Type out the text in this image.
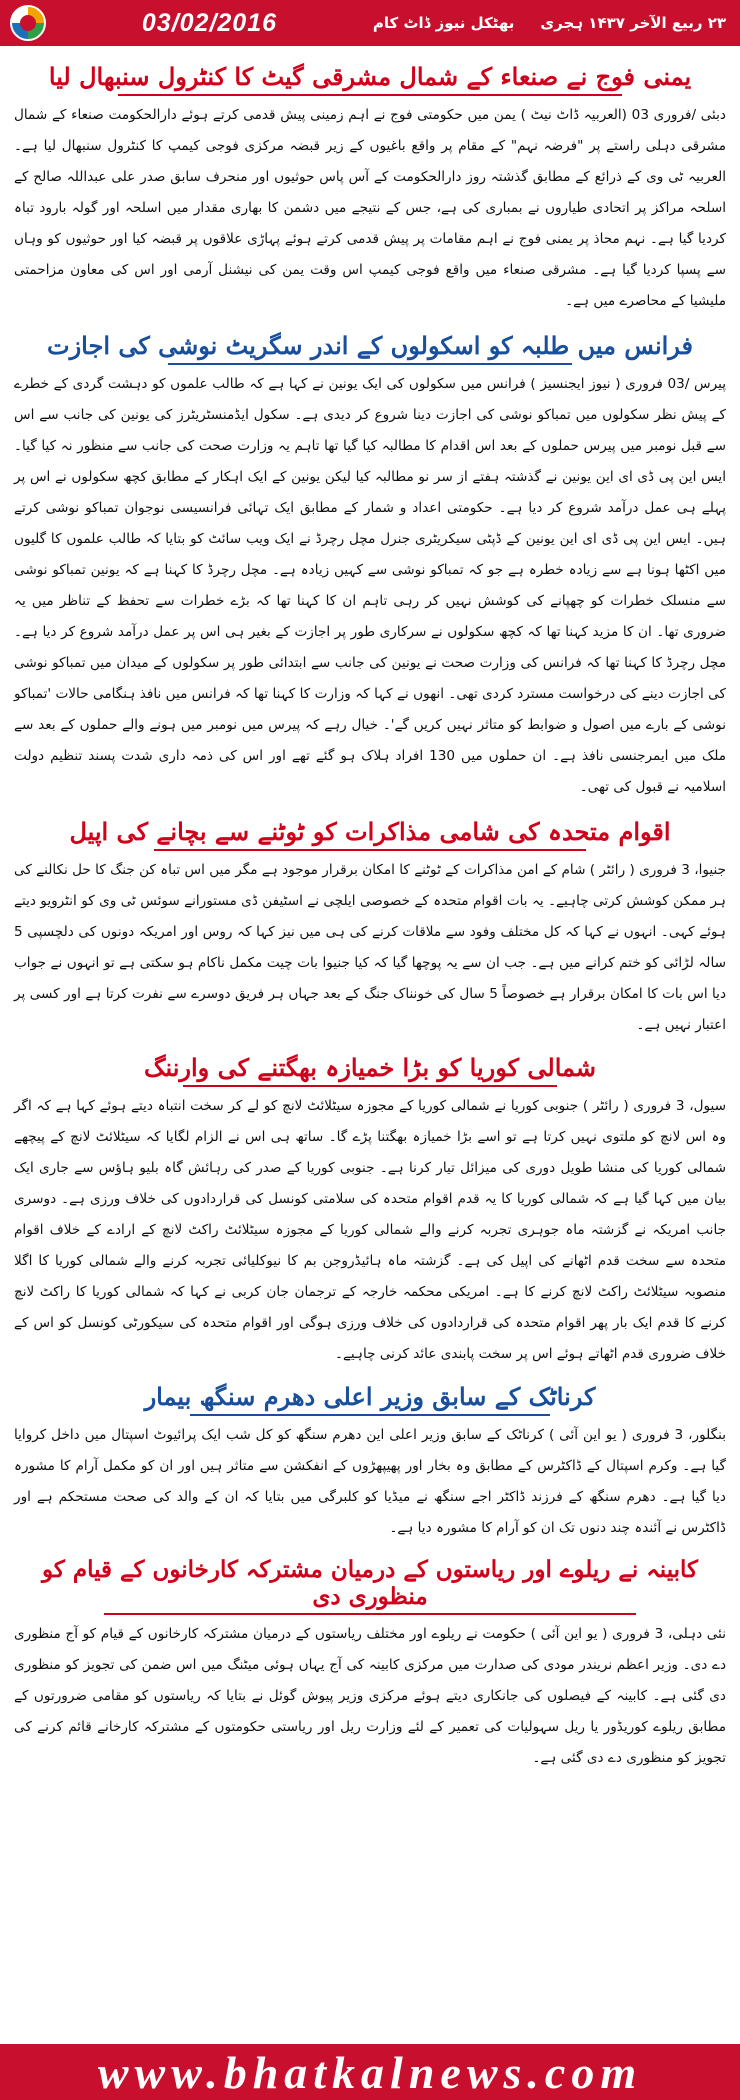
03/02/2016	۲۳ ربیع الآخر ۱۴۳۷ ہجری
بھٹکل نیوز ڈاٹ کام
یمنی فوج نے صنعاء کے شمال مشرقی گیٹ کا کنٹرول سنبھال لیا

دبئی /فروری 03 (العربیہ ڈاٹ نیٹ ) یمن میں حکومتی فوج نے اہم زمینی پیش قدمی کرتے ہوئے دارالحکومت صنعاء کے شمال مشرقی دہلی راستے پر "فرضہ نہم" کے مقام پر واقع باغیوں کے زیر قبضہ مرکزی فوجی کیمپ کا کنٹرول سنبھال لیا ہے۔العربیہ ٹی وی کے ذرائع کے مطابق گذشتہ روز دارالحکومت کے آس پاس حوثیوں اور منحرف سابق صدر علی عبداللہ صالح کے اسلحہ مراکز پر اتحادی طیاروں نے بمباری کی ہے، جس کے نتیجے میں دشمن کا بھاری مقدار میں اسلحہ اور گولہ بارود تباہ کردیا گیا ہے۔ نہم محاذ پر یمنی فوج نے اہم مقامات پر پیش قدمی کرتے ہوئے پہاڑی علاقوں پر قبضہ کیا اور حوثیوں کو وہاں سے پسپا کردیا گیا ہے۔ مشرقی صنعاء میں واقع فوجی کیمپ اس وقت یمن کی نیشنل آرمی اور اس کی معاون مزاحمتی ملیشیا کے محاصرے میں ہے۔

فرانس میں طلبہ کو اسکولوں کے اندر سگریٹ نوشی کی اجازت

پیرس /03 فروری ( نیوز ایجنسیز ) فرانس میں سکولوں کی ایک یونین نے کہا ہے کہ طالب علموں کو دہشت گردی کے خطرے کے پیش نظر سکولوں میں تمباکو نوشی کی اجازت دینا شروع کر دیدی ہے۔ سکول ایڈمنسٹریٹرز کی یونین کی جانب سے اس سے قبل نومبر میں پیرس حملوں کے بعد اس اقدام کا مطالبہ کیا گیا تھا تاہم یہ وزارت صحت کی جانب سے منظور نہ کیا گیا۔ ایس این پی ڈی ای این یونین نے گذشتہ ہفتے از سر نو مطالبہ کیا لیکن یونین کے ایک اہکار کے مطابق کچھ سکولوں نے اس پر پہلے ہی عمل درآمد شروع کر دیا ہے۔ حکومتی اعداد و شمار کے مطابق ایک تہائی فرانسیسی نوجوان تمباکو نوشی کرتے ہیں۔ ایس این پی ڈی ای این یونین کے ڈپٹی سیکریٹری جنرل مچل رچرڈ نے ایک ویب سائٹ کو بتایا کہ طالب علموں کا گلیوں میں اکٹھا ہونا ہے سے زیادہ خطرہ ہے جو کہ تمباکو نوشی سے کہیں زیادہ ہے۔ مچل رچرڈ کا کہنا ہے کہ یونین تمباکو نوشی سے منسلک خطرات کو چھپانے کی کوشش نہیں کر رہی تاہم ان کا کہنا تھا کہ بڑے خطرات سے تحفظ کے تناظر میں یہ ضروری تھا۔ ان کا مزید کہنا تھا کہ کچھ سکولوں نے سرکاری طور پر اجازت کے بغیر ہی اس پر عمل درآمد شروع کر دیا ہے۔ مچل رچرڈ کا کہنا تھا کہ فرانس کی وزارت صحت نے یونین کی جانب سے ابتدائی طور پر سکولوں کے میدان میں تمباکو نوشی کی اجازت دینے کی درخواست مسترد کردی تھی۔ انھوں نے کہا کہ وزارت کا کہنا تھا کہ فرانس میں نافذ ہنگامی حالات 'تمباکو نوشی کے بارے میں اصول و ضوابط کو متاثر نہیں کریں گے'۔ خیال رہے کہ پیرس میں نومبر میں ہونے والے حملوں کے بعد سے ملک میں ایمرجنسی نافذ ہے۔ ان حملوں میں 130 افراد ہلاک ہو گئے تھے اور اس کی ذمہ داری شدت پسند تنظیم دولت اسلامیہ نے قبول کی تھی۔

اقوام متحدہ کی شامی مذاکرات کو ٹوٹنے سے بچانے کی اپیل

جنیوا، 3 فروری ( رائٹر ) شام کے امن مذاکرات کے ٹوٹنے کا امکان برقرار موجود ہے مگر میں اس تباہ کن جنگ کا حل نکالنے کی ہر ممکن کوشش کرتی چاہیے۔ یہ بات اقوام متحدہ کے خصوصی ایلچی نے اسٹیفن ڈی مستورانے سوئس ٹی وی کو انٹرویو دیتے ہوئے کہی۔ انہوں نے کہا کہ کل مختلف وفود سے ملاقات کرنے کی ہی میں نیز کہا کہ روس اور امریکہ دونوں کی دلچسپی 5 سالہ لڑائی کو ختم کرانے میں ہے۔ جب ان سے یہ پوچھا گیا کہ کیا جنیوا بات چیت مکمل ناکام ہو سکتی ہے تو انہوں نے جواب دیا اس بات کا امکان برقرار ہے خصوصاً 5 سال کی خونناک جنگ کے بعد جہاں ہر فریق دوسرے سے نفرت کرتا ہے اور کسی پر اعتبار نہیں ہے۔

شمالی کوریا کو بڑا خمیازہ بھگتنے کی وارننگ

سیول، 3 فروری ( رائٹر ) جنوبی کوریا نے شمالی کوریا کے مجوزہ سیٹلائٹ لانچ کو لے کر سخت انتباہ دیتے ہوئے کہا ہے کہ اگر وہ اس لانچ کو ملتوی نہیں کرتا ہے تو اسے بڑا خمیازہ بھگتنا پڑے گا۔ ساتھ ہی اس نے الزام لگایا کہ سیٹلائٹ لانچ کے پیچھے شمالی کوریا کی منشا طویل دوری کی میزائل تیار کرنا ہے۔ جنوبی کوریا کے صدر کی رہائش گاہ بلیو ہاؤس سے جاری ایک بیان میں کہا گیا ہے کہ شمالی کوریا کا یہ قدم اقوام متحدہ کی سلامتی کونسل کی قراردادوں کی خلاف ورزی ہے۔ دوسری جانب امریکہ نے گزشتہ ماہ جوہری تجربہ کرنے والے شمالی کوریا کے مجوزہ سیٹلائٹ راکٹ لانچ کے ارادے کے خلاف اقوام متحدہ سے سخت قدم اٹھانے کی اپیل کی ہے۔ گزشتہ ماہ ہائیڈروجن بم کا نیوکلیائی تجربہ کرنے والے شمالی کوریا کا اگلا منصوبہ سیٹلائٹ راکٹ لانچ کرنے کا ہے۔ امریکی محکمہ خارجہ کے ترجمان جان کربی نے کہا کہ شمالی کوریا کا راکٹ لانچ کرنے کا قدم ایک بار پھر اقوام متحدہ کی قراردادوں کی خلاف ورزی ہوگی اور اقوام متحدہ کی سیکورٹی کونسل کو اس کے خلاف ضروری قدم اٹھاتے ہوئے اس پر سخت پابندی عائد کرنی چاہیے۔

کرناٹک کے سابق وزیر اعلی دھرم سنگھ بیمار

بنگلور، 3 فروری ( یو این آئی ) کرناٹک کے سابق وزیر اعلی این دھرم سنگھ کو کل شب ایک پرائیوٹ اسپتال میں داخل کروایا گیا ہے۔ وکرم اسپتال کے ڈاکٹرس کے مطابق وہ بخار اور پھیپھڑوں کے انفکشن سے متاثر ہیں اور ان کو مکمل آرام کا مشورہ دیا گیا ہے۔ دھرم سنگھ کے فرزند ڈاکٹر اجے سنگھ نے میڈیا کو کلبرگی میں بتایا کہ ان کے والد کی صحت مستحکم ہے اور ڈاکٹرس نے آئندہ چند دنوں تک ان کو آرام کا مشورہ دیا ہے۔

کابینہ نے ریلوے اور ریاستوں کے درمیان مشترکہ کارخانوں کے قیام کو منظوری دی

نئی دہلی، 3 فروری ( یو این آئی ) حکومت نے ریلوے اور مختلف ریاستوں کے درمیان مشترکہ کارخانوں کے قیام کو آج منظوری دے دی۔ وزیر اعظم نریندر مودی کی صدارت میں مرکزی کابینہ کی آج یہاں ہوئی میٹنگ میں اس ضمن کی تجویز کو منظوری دی گئی ہے۔ کابینہ کے فیصلوں کی جانکاری دیتے ہوئے مرکزی وزیر پیوش گوئل نے بتایا کہ ریاستوں کو مقامی ضرورتوں کے مطابق ریلوے کوریڈور یا ریل سہولیات کی تعمیر کے لئے وزارت ریل اور ریاستی حکومتوں کے مشترکہ کارخانے قائم کرنے کی تجویز کو منظوری دے دی گئی ہے۔

www.bhatkalnews.com
